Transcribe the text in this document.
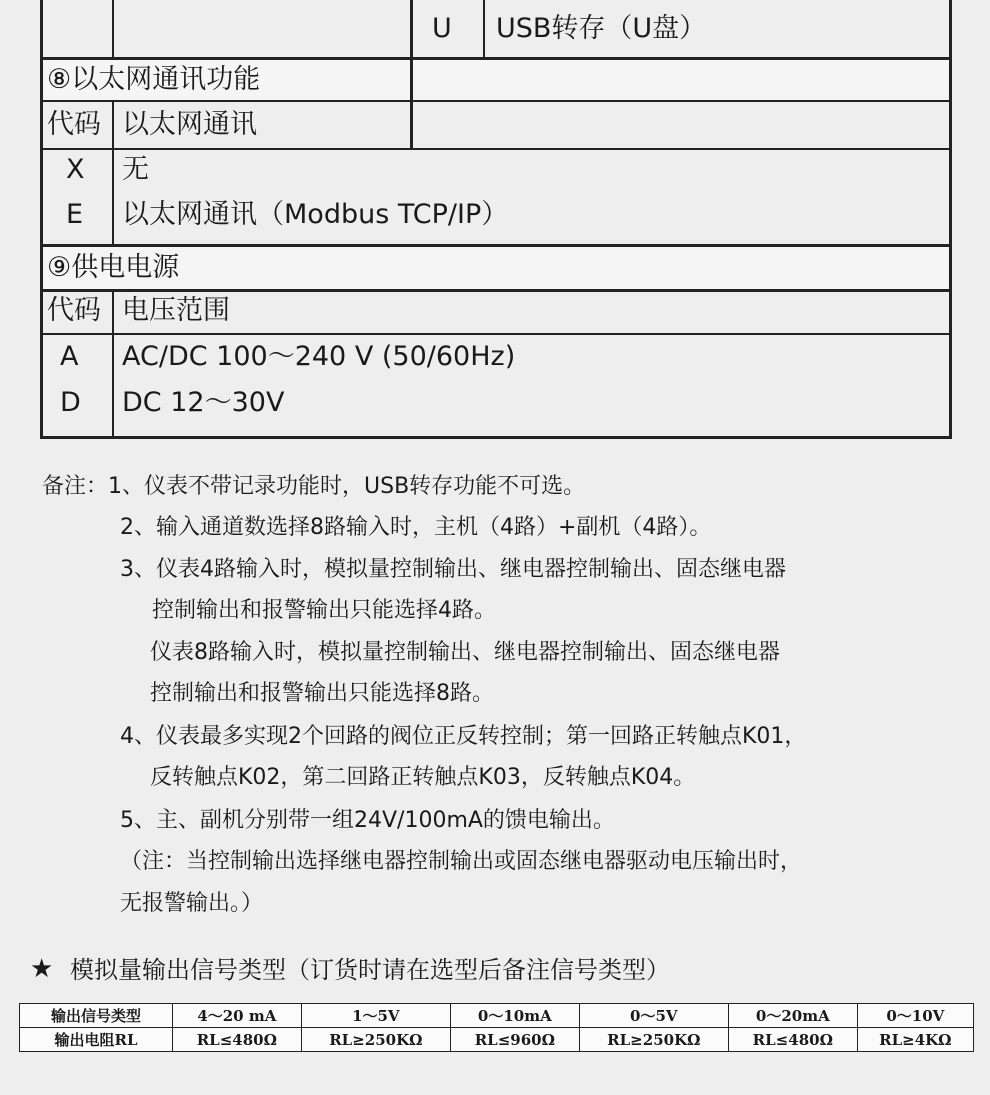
U USB转存（U盘）
⑧以太网通讯功能
代码 以太网通讯
X 无
E 以太网通讯（Modbus TCP/IP）
⑨供电电源
代码 电压范围
A AC/DC 100～240 V (50/60Hz)
D DC 12～30V
备注：1、仪表不带记录功能时，USB转存功能不可选。
2、输入通道数选择8路输入时，主机（4路）+副机（4路）。
3、仪表4路输入时，模拟量控制输出、继电器控制输出、固态继电器
控制输出和报警输出只能选择4路。
仪表8路输入时，模拟量控制输出、继电器控制输出、固态继电器
控制输出和报警输出只能选择8路。
4、仪表最多实现2个回路的阀位正反转控制；第一回路正转触点K01，
反转触点K02，第二回路正转触点K03，反转触点K04。
5、主、副机分别带一组24V/100mA的馈电输出。
（注：当控制输出选择继电器控制输出或固态继电器驱动电压输出时，
无报警输出。）
★ 模拟量输出信号类型（订货时请在选型后备注信号类型）
输出信号类型	4～20 mA	1～5V	0～10mA	0～5V	0～20mA	0～10V
输出电阻RL	RL≤480Ω	RL≥250KΩ	RL≤960Ω	RL≥250KΩ	RL≤480Ω	RL≥4KΩ
